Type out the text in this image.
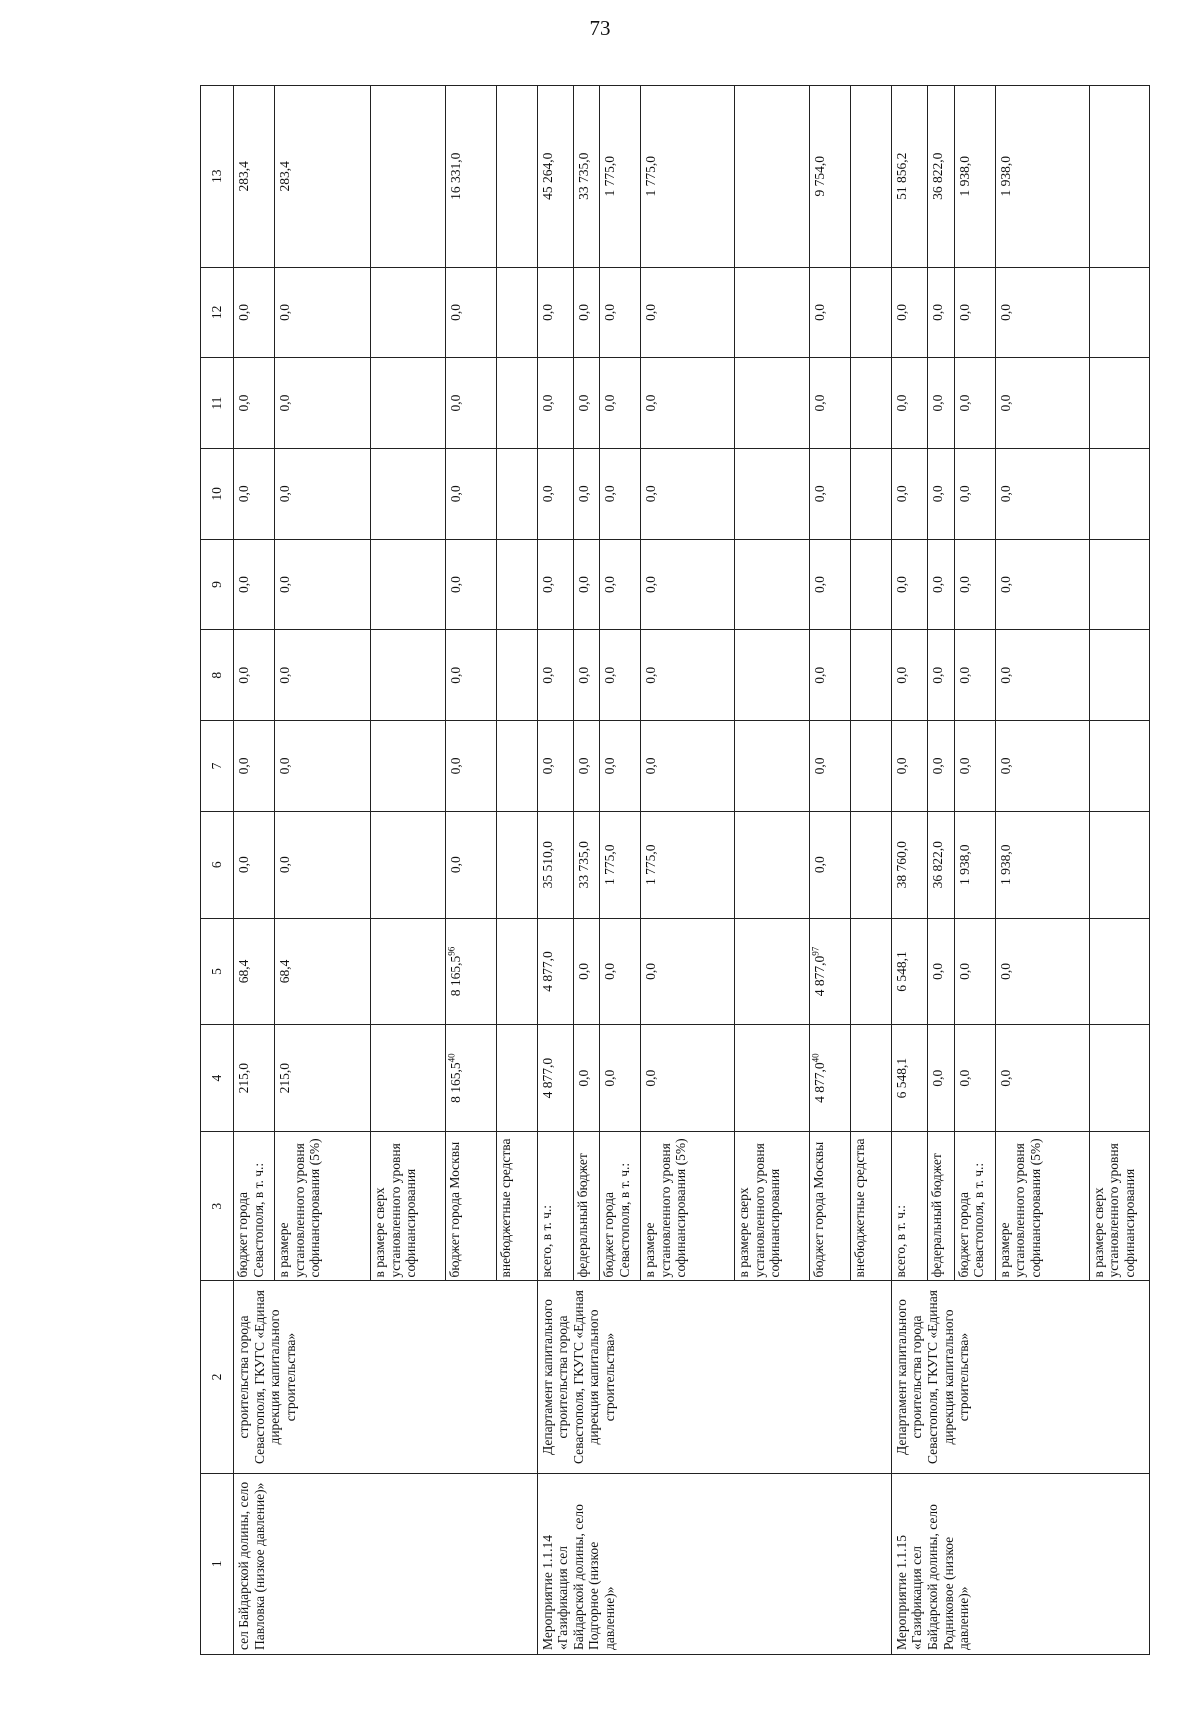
73
1	2	3	4	5	6	7	8	9	10	11	12	13
сел Байдарской долины, село Павловка (низкое давление)»	строительства города Севастополя, ГКУГС «Единая дирекция капитального строительства»	бюджет города Севастополя, в т. ч.:	215,0	68,4	0,0	0,0	0,0	0,0	0,0	0,0	0,0	283,4
		в размере установленного уровня софинансирования (5%)	215,0	68,4	0,0	0,0	0,0	0,0	0,0	0,0	0,0	283,4
		в размере сверх установленного уровня софинансирования										
		бюджет города Москвы	8 165,5$^{40}$	8 165,5$^{96}$	0,0	0,0	0,0	0,0	0,0	0,0	0,0	16 331,0
		внебюджетные средства										
Мероприятие 1.1.14 «Газификация сел Байдарской долины, село Подгорное (низкое давление)»	Департамент капитального строительства города Севастополя, ГКУГС «Единая дирекция капитального строительства»	всего, в т. ч.:	4 877,0	4 877,0	35 510,0	0,0	0,0	0,0	0,0	0,0	0,0	45 264,0
		федеральный бюджет	0,0	0,0	33 735,0	0,0	0,0	0,0	0,0	0,0	0,0	33 735,0
		бюджет города Севастополя, в т. ч.:	0,0	0,0	1 775,0	0,0	0,0	0,0	0,0	0,0	0,0	1 775,0
		в размере установленного уровня софинансирования (5%)	0,0	0,0	1 775,0	0,0	0,0	0,0	0,0	0,0	0,0	1 775,0
		в размере сверх установленного уровня софинансирования										
		бюджет города Москвы	4 877,0$^{40}$	4 877,0$^{97}$	0,0	0,0	0,0	0,0	0,0	0,0	0,0	9 754,0
		внебюджетные средства										
Мероприятие 1.1.15 «Газификация сел Байдарской долины, село Родниковое (низкое давление)»	Департамент капитального строительства города Севастополя, ГКУГС «Единая дирекция капитального строительства»	всего, в т. ч.:	6 548,1	6 548,1	38 760,0	0,0	0,0	0,0	0,0	0,0	0,0	51 856,2
		федеральный бюджет	0,0	0,0	36 822,0	0,0	0,0	0,0	0,0	0,0	0,0	36 822,0
		бюджет города Севастополя, в т. ч.:	0,0	0,0	1 938,0	0,0	0,0	0,0	0,0	0,0	0,0	1 938,0
		в размере установленного уровня софинансирования (5%)	0,0	0,0	1 938,0	0,0	0,0	0,0	0,0	0,0	0,0	1 938,0
		в размере сверх установленного уровня софинансирования										
